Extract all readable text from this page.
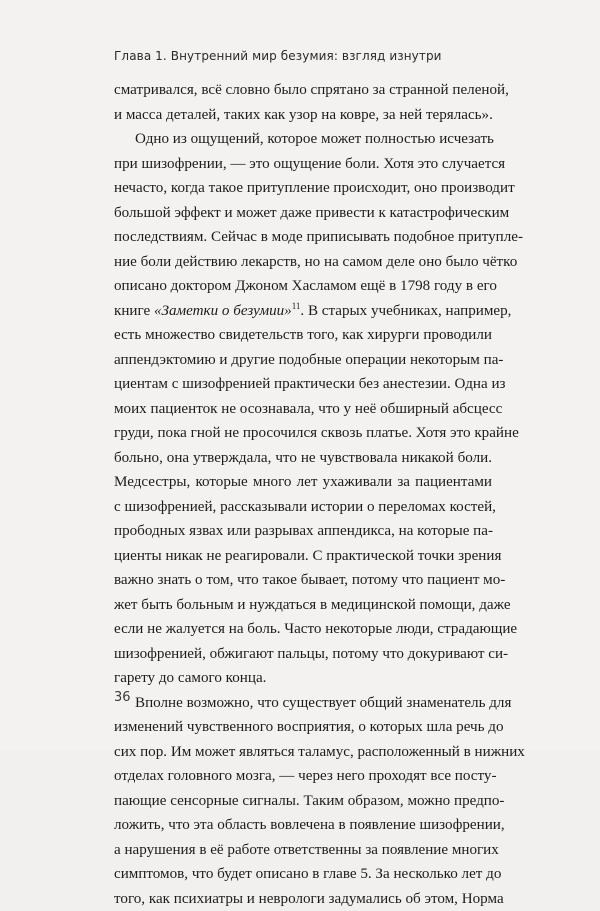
Глава 1. Внутренний мир безумия: взгляд изнутри

сматривался, всё словно было спрятано за странной пеленой,
и масса деталей, таких как узор на ковре, за ней терялась».

Одно из ощущений, которое может полностью исчезать
при шизофрении, — это ощущение боли. Хотя это случается
нечасто, когда такое притупление происходит, оно производит
большой эффект и может даже привести к катастрофическим
последствиям. Сейчас в моде приписывать подобное притупле-
ние боли действию лекарств, но на самом деле оно было чётко
описано доктором Джоном Хасламом ещё в 1798 году в его
книге «Заметки о безумии»$^{11}$. В старых учебниках, например,
есть множество свидетельств того, как хирурги проводили
аппендэктомию и другие подобные операции некоторым па-
циентам с шизофренией практически без анестезии. Одна из
моих пациенток не осознавала, что у неё обширный абсцесс
груди, пока гной не просочился сквозь платье. Хотя это крайне
больно, она утверждала, что не чувствовала никакой боли.
Медсестры, которые много лет ухаживали за пациентами
с шизофренией, рассказывали истории о переломах костей,
прободных язвах или разрывах аппендикса, на которые па-
циенты никак не реагировали. С практической точки зрения
важно знать о том, что такое бывает, потому что пациент мо-
жет быть больным и нуждаться в медицинской помощи, даже
если не жалуется на боль. Часто некоторые люди, страдающие
шизофренией, обжигают пальцы, потому что докуривают си-
гарету до самого конца.

Вполне возможно, что существует общий знаменатель для
изменений чувственного восприятия, о которых шла речь до
сих пор. Им может являться таламус, расположенный в нижних
отделах головного мозга, — через него проходят все посту-
пающие сенсорные сигналы. Таким образом, можно предпо-
ложить, что эта область вовлечена в появление шизофрении,
а нарушения в её работе ответственны за появление многих
симптомов, что будет описано в главе 5. За несколько лет до
того, как психиатры и неврологи задумались об этом, Норма

36
